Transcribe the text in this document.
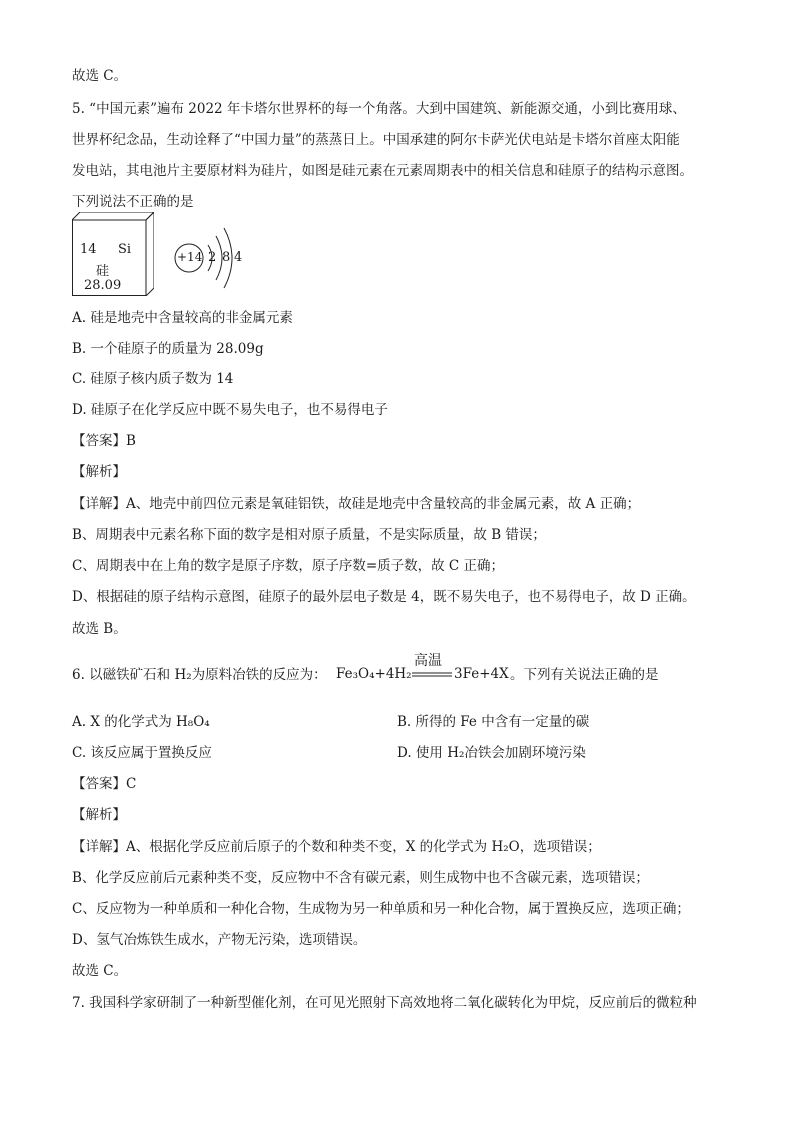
故选 C。
5. “中国元素”遍布 2022 年卡塔尔世界杯的每一个角落。大到中国建筑、新能源交通，小到比赛用球、
世界杯纪念品，生动诠释了“中国力量”的蒸蒸日上。中国承建的阿尔卡萨光伏电站是卡塔尔首座太阳能
发电站，其电池片主要原材料为硅片，如图是硅元素在元素周期表中的相关信息和硅原子的结构示意图。
下列说法不正确的是
14 Si
硅
28.09
+14 2 8 4
A. 硅是地壳中含量较高的非金属元素
B. 一个硅原子的质量为 28.09g
C. 硅原子核内质子数为 14
D. 硅原子在化学反应中既不易失电子，也不易得电子
【答案】B
【解析】
【详解】A、地壳中前四位元素是氧硅铝铁，故硅是地壳中含量较高的非金属元素，故 A 正确；
B、周期表中元素名称下面的数字是相对原子质量，不是实际质量，故 B 错误；
C、周期表中在上角的数字是原子序数，原子序数=质子数，故 C 正确；
D、根据硅的原子结构示意图，硅原子的最外层电子数是 4，既不易失电子，也不易得电子，故 D 正确。
故选 B。
6. 以磁铁矿石和 H₂为原料冶铁的反应为： Fe₃O₄+4H₂
高温
3Fe+4X 。下列有关说法正确的是
A. X 的化学式为 H₈O₄	B. 所得的 Fe 中含有一定量的碳
C. 该反应属于置换反应	D. 使用 H₂冶铁会加剧环境污染
【答案】C
【解析】
【详解】A、根据化学反应前后原子的个数和种类不变，X 的化学式为 H₂O，选项错误；
B、化学反应前后元素种类不变，反应物中不含有碳元素，则生成物中也不含碳元素，选项错误；
C、反应物为一种单质和一种化合物，生成物为另一种单质和另一种化合物，属于置换反应，选项正确；
D、氢气冶炼铁生成水，产物无污染，选项错误。
故选 C。
7. 我国科学家研制了一种新型催化剂，在可见光照射下高效地将二氧化碳转化为甲烷，反应前后的微粒种
